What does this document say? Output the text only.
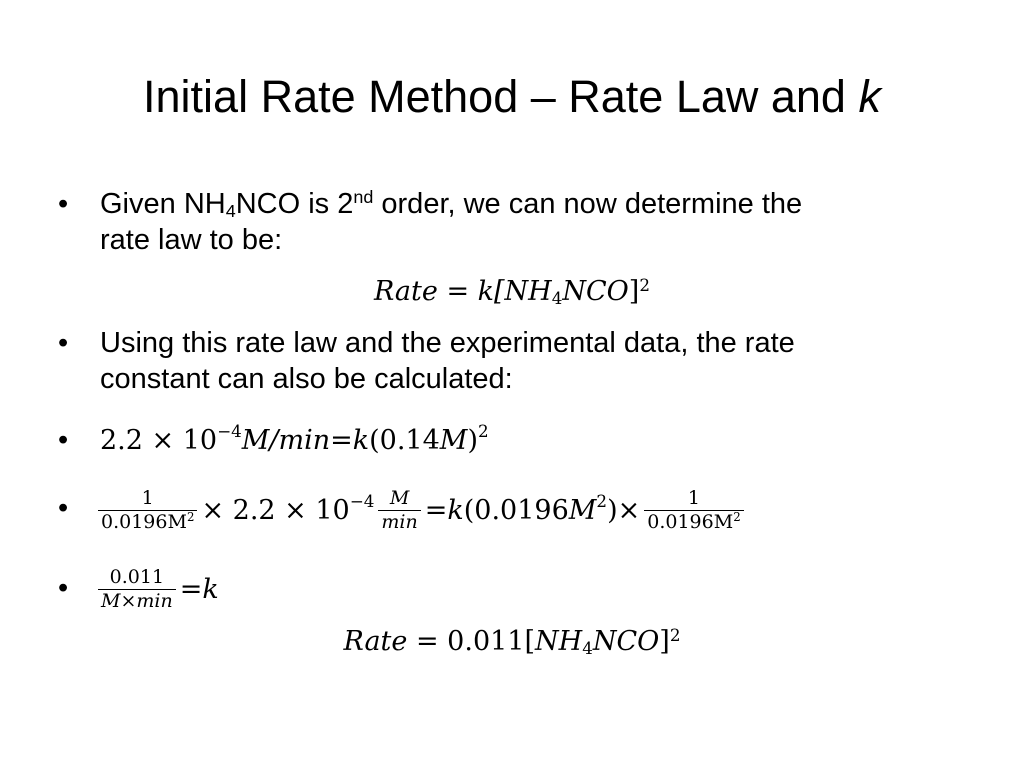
Initial Rate Method – Rate Law and k
• Given $NH_4NCO$ is 2nd order, we can now determine the
rate law to be:
Rate = $k[NH_4NCO]^2$
• Using this rate law and the experimental data, the rate
constant can also be calculated:
• $2.2 \times 10^{-4}$ M/min = k (0.14 M )$^2$
•	$\frac{1}{0.0196M^2} \times 2.2 \times 10^{-4} \frac{M}{\min} = k$ (0.0196 $M^2$ ) × $\frac{1}{0.0196M^2}$
•	$\frac{0.011}{M\times\min} = k$
Rate = $0.011[NH_4NCO]^2$
